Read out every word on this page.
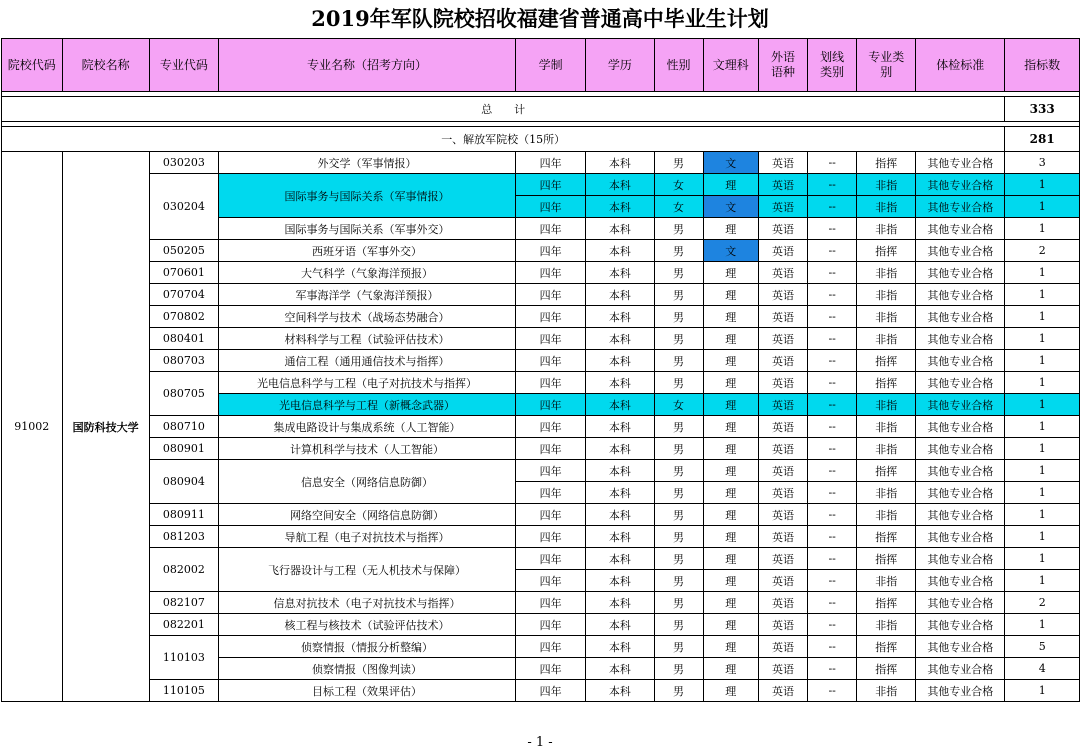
2019年军队院校招收福建省普通高中毕业生计划
院校代码	院校名称	专业代码	专业名称（招考方向）	学制	学历	性别	文理科	外语语种	划线类别	专业类别	体检标准	指标数

总　　计												333

一、解放军院校（15所）												281
91002	国防科技大学	030203	外交学（军事情报）	四年	本科	男	文	英语	--	指挥	其他专业合格	3
		030204	国际事务与国际关系（军事情报）	四年	本科	女	理	英语	--	非指	其他专业合格	1
				四年	本科	女	文	英语	--	非指	其他专业合格	1
			国际事务与国际关系（军事外交）	四年	本科	男	理	英语	--	非指	其他专业合格	1
		050205	西班牙语（军事外交）	四年	本科	男	文	英语	--	指挥	其他专业合格	2
		070601	大气科学（气象海洋预报）	四年	本科	男	理	英语	--	非指	其他专业合格	1
		070704	军事海洋学（气象海洋预报）	四年	本科	男	理	英语	--	非指	其他专业合格	1
		070802	空间科学与技术（战场态势融合）	四年	本科	男	理	英语	--	非指	其他专业合格	1
		080401	材料科学与工程（试验评估技术）	四年	本科	男	理	英语	--	非指	其他专业合格	1
		080703	通信工程（通用通信技术与指挥）	四年	本科	男	理	英语	--	指挥	其他专业合格	1
		080705	光电信息科学与工程（电子对抗技术与指挥）	四年	本科	男	理	英语	--	指挥	其他专业合格	1
			光电信息科学与工程（新概念武器）	四年	本科	女	理	英语	--	非指	其他专业合格	1
		080710	集成电路设计与集成系统（人工智能）	四年	本科	男	理	英语	--	非指	其他专业合格	1
		080901	计算机科学与技术（人工智能）	四年	本科	男	理	英语	--	非指	其他专业合格	1
		080904	信息安全（网络信息防御）	四年	本科	男	理	英语	--	指挥	其他专业合格	1
				四年	本科	男	理	英语	--	非指	其他专业合格	1
		080911	网络空间安全（网络信息防御）	四年	本科	男	理	英语	--	非指	其他专业合格	1
		081203	导航工程（电子对抗技术与指挥）	四年	本科	男	理	英语	--	指挥	其他专业合格	1
		082002	飞行器设计与工程（无人机技术与保障）	四年	本科	男	理	英语	--	指挥	其他专业合格	1
				四年	本科	男	理	英语	--	非指	其他专业合格	1
		082107	信息对抗技术（电子对抗技术与指挥）	四年	本科	男	理	英语	--	指挥	其他专业合格	2
		082201	核工程与核技术（试验评估技术）	四年	本科	男	理	英语	--	非指	其他专业合格	1
		110103	侦察情报（情报分析整编）	四年	本科	男	理	英语	--	指挥	其他专业合格	5
			侦察情报（图像判读）	四年	本科	男	理	英语	--	指挥	其他专业合格	4
		110105	目标工程（效果评估）	四年	本科	男	理	英语	--	非指	其他专业合格	1
- 1 -
